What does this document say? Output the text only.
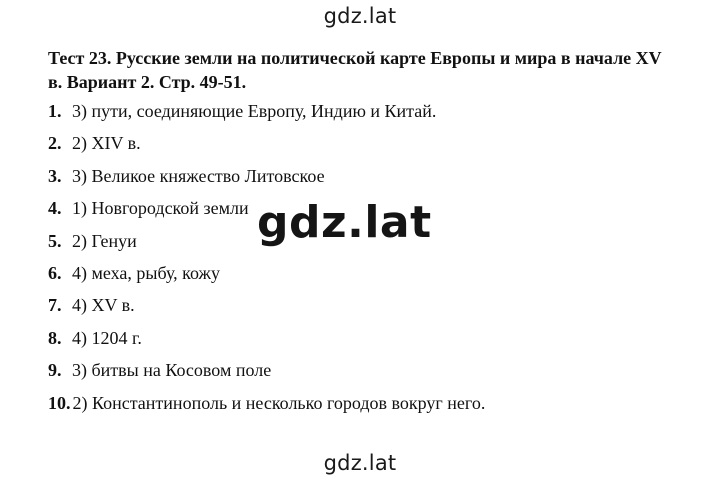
gdz.lat
Тест 23. Русские земли на политической карте Европы и мира в начале XV в. Вариант 2. Стр. 49-51.
1. 3) пути, соединяющие Европу, Индию и Китай.
2. 2) XIV в.
3. 3) Великое княжество Литовское
4. 1) Новгородской земли
5. 2) Генуи
6. 4) меха, рыбу, кожу
7. 4) XV в.
8. 4) 1204 г.
9. 3) битвы на Косовом поле
10. 2) Константинополь и несколько городов вокруг него.
gdz.lat
gdz.lat
